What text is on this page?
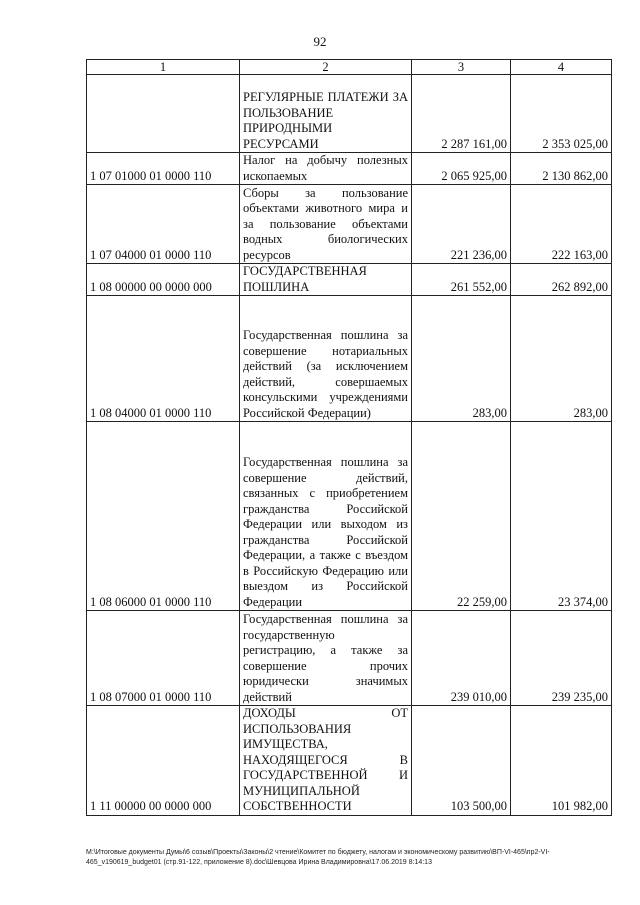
92
1	2	3	4
	РЕГУЛЯРНЫЕ ПЛАТЕЖИ ЗА ПОЛЬЗОВАНИЕ ПРИРОДНЫМИ РЕСУРСАМИ	2 287 161,00	2 353 025,00
1 07 01000 01 0000 110	Налог на добычу полезных ископаемых	2 065 925,00	2 130 862,00
1 07 04000 01 0000 110	Сборы за пользование объектами животного мира и за пользование объектами водных биологических ресурсов	221 236,00	222 163,00
1 08 00000 00 0000 000	ГОСУДАРСТВЕННАЯ ПОШЛИНА	261 552,00	262 892,00
1 08 04000 01 0000 110	Государственная пошлина за совершение нотариальных действий (за исключением действий, совершаемых консульскими учреждениями Российской Федерации)	283,00	283,00
1 08 06000 01 0000 110	Государственная пошлина за совершение действий, связанных с приобретением гражданства Российской Федерации или выходом из гражданства Российской Федерации, а также с въездом в Российскую Федерацию или выездом из Российской Федерации	22 259,00	23 374,00
1 08 07000 01 0000 110	Государственная пошлина за государственную регистрацию, а также за совершение прочих юридически значимых действий	239 010,00	239 235,00
1 11 00000 00 0000 000	ДОХОДЫ ОТ ИСПОЛЬЗОВАНИЯ ИМУЩЕСТВА, НАХОДЯЩЕГОСЯ В ГОСУДАРСТВЕННОЙ И МУНИЦИПАЛЬНОЙ СОБСТВЕННОСТИ	103 500,00	101 982,00
M:\Итоговые документы Думы\6 созыв\Проекты\Законы\2 чтение\Комитет по бюджету, налогам и экономическому развитию\ВП-VI-465\пр2-VI-
465_v190619_budget01 (стр.91-122, приложение 8).doc\Шевцова Ирина Владимировна\17.06.2019 8:14:13
